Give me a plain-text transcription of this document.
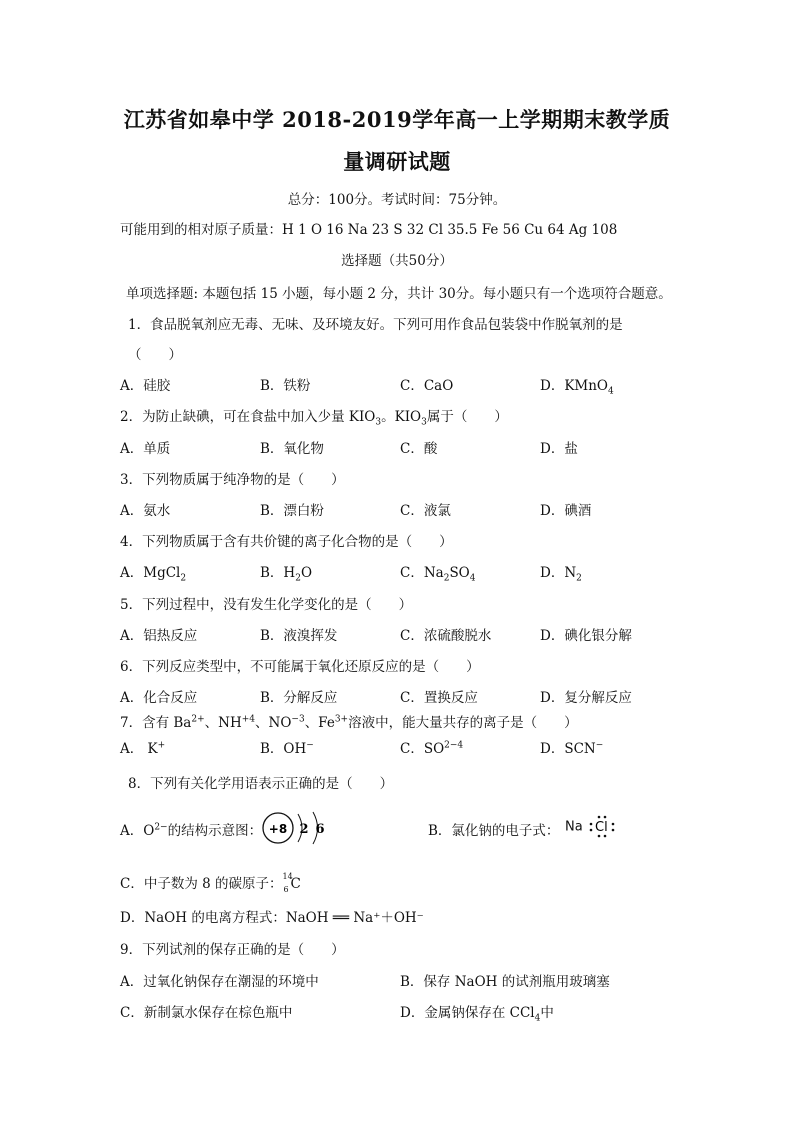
江苏省如皋中学 2018-2019学年高一上学期期末教学质
量调研试题
总分：100分。考试时间：75分钟。
可能用到的相对原子质量：H 1 O 16 Na 23 S 32 Cl 35.5 Fe 56 Cu 64 Ag 108
选择题（共50分）
单项选择题: 本题包括 15 小题，每小题 2 分，共计 30分。每小题只有一个选项符合题意。
1．食品脱氧剂应无毒、无味、及环境友好。下列可用作食品包装袋中作脱氧剂的是
（　　）
A．硅胶	B．铁粉	C．CaO	D．KMnO$_4$
2．为防止缺碘，可在食盐中加入少量 $KIO_3$。$KIO_3$属于（　　）
A．单质	B．氧化物	C．酸	D．盐
3．下列物质属于纯净物的是（　　）
A．氨水	B．漂白粉	C．液氯	D．碘酒
4．下列物质属于含有共价键的离子化合物的是（　　）
A．MgCl$_2$	B．$H_2O$	C．$Na_2SO_4$	D．$N_2$
5．下列过程中，没有发生化学变化的是（　　）
A．铝热反应	B．液溴挥发	C．浓硫酸脱水	D．碘化银分解
6．下列反应类型中，不可能属于氧化还原反应的是（　　）
A．化合反应	B．分解反应	C．置换反应	D．复分解反应
7．含有 $Ba^{2+}$、$NH^{+4}$、$NO^{-3}$、$Fe^{3+}$溶液中，能大量共存的离子是（　　）
A． K+	B．OH−	C．$SO^{2-4}$	D．SCN−
8．下列有关化学用语表示正确的是（　　）
A．$O^{2-}$的结构示意图： +8 2 6	B．氯化钠的电子式： Na Cl
C．中子数为 8 的碳原子： 14
6 C
D．NaOH 的电离方程式：NaOH ══ Na⁺＋OH⁻
9．下列试剂的保存正确的是（　　）
A．过氧化钠保存在潮湿的环境中	B．保存 NaOH 的试剂瓶用玻璃塞
C．新制氯水保存在棕色瓶中	D．金属钠保存在 CCl$_4$中
